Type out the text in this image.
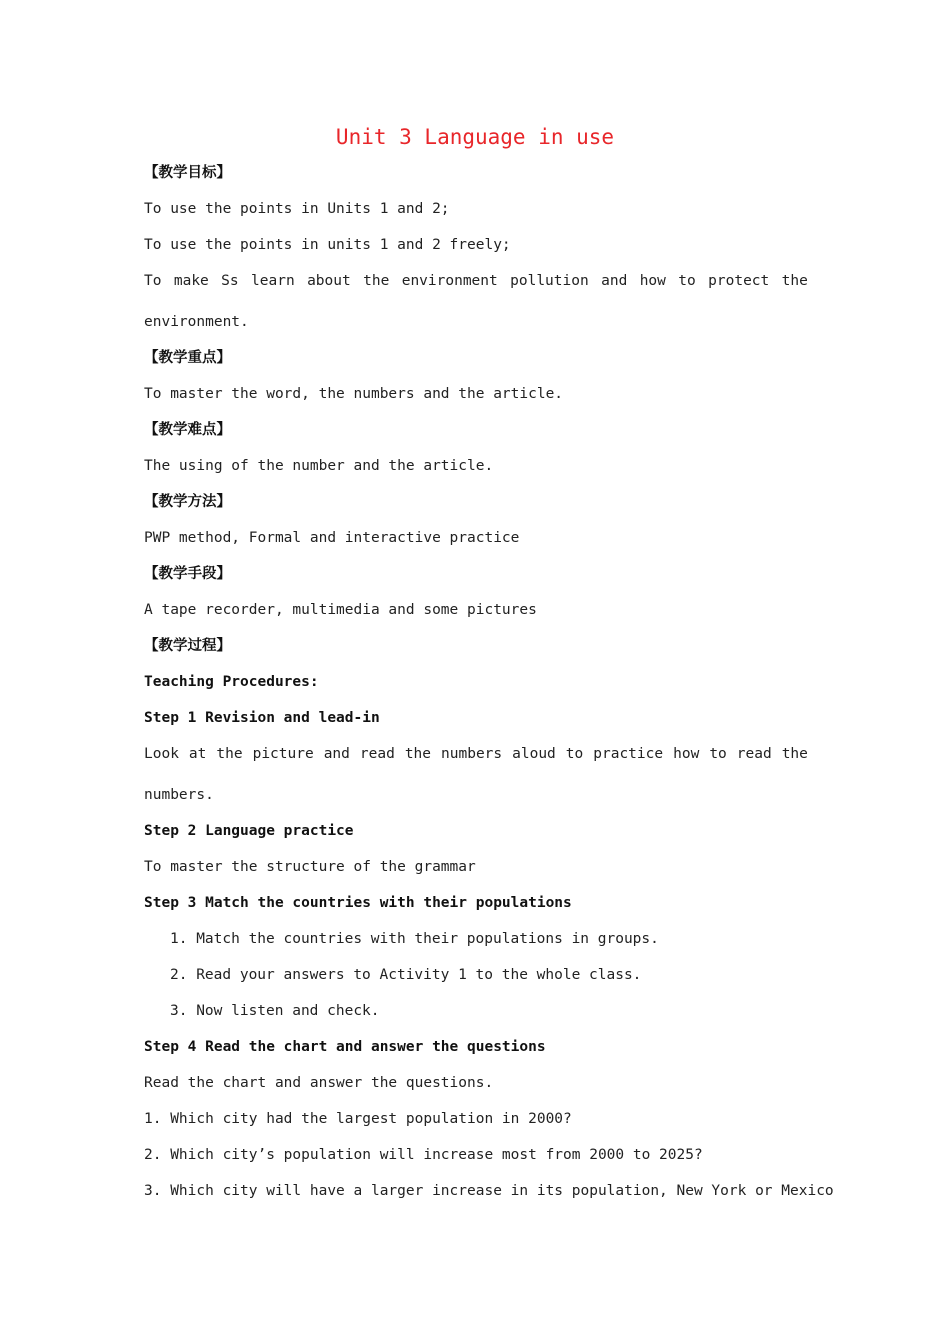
Unit 3 Language in use
【教学目标】
To use the points in Units 1 and 2;
To use the points in units 1 and 2 freely;
To make Ss learn about the environment pollution and how to protect the
environment.
【教学重点】
To master the word, the numbers and the article.
【教学难点】
The using of the number and the article.
【教学方法】
PWP method, Formal and interactive practice
【教学手段】
A tape recorder, multimedia and some pictures
【教学过程】
Teaching Procedures:
Step 1 Revision and lead-in
Look at the picture and read the numbers aloud to practice how to read the
numbers.
Step 2 Language practice
To master the structure of the grammar
Step 3 Match the countries with their populations
1. Match the countries with their populations in groups.
2. Read your answers to Activity 1 to the whole class.
3. Now listen and check.
Step 4 Read the chart and answer the questions
Read the chart and answer the questions.
1. Which city had the largest population in 2000?
2. Which city’s population will increase most from 2000 to 2025?
3. Which city will have a larger increase in its population, New York or Mexico
